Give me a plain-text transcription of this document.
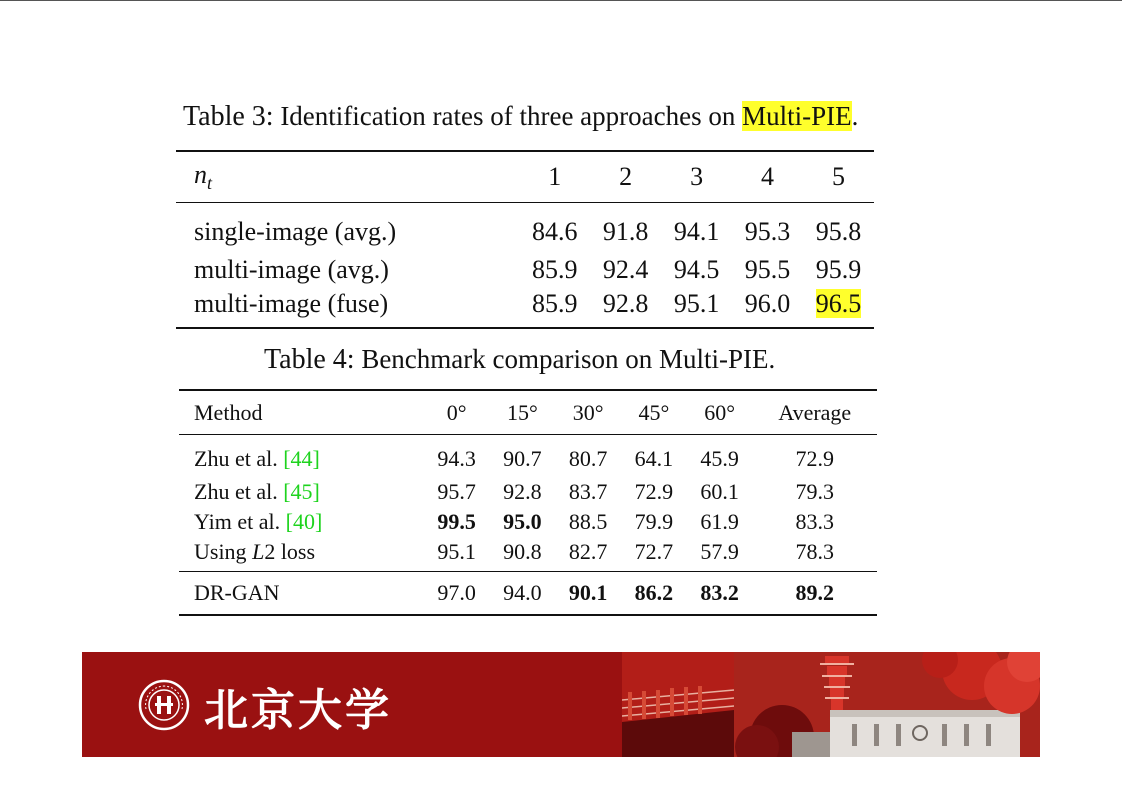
Table 3: Identification rates of three approaches on Multi-PIE.
$n_t$	1	2	3	4	5
single-image (avg.)	84.6	91.8	94.1	95.3	95.8
multi-image (avg.)	85.9	92.4	94.5	95.5	95.9
multi-image (fuse)	85.9	92.8	95.1	96.0	96.5
Table 4: Benchmark comparison on Multi-PIE.
Method	0°	15°	30°	45°	60°	Average
Zhu et al. [44]	94.3	90.7	80.7	64.1	45.9	72.9
Zhu et al. [45]	95.7	92.8	83.7	72.9	60.1	79.3
Yim et al. [40]	99.5	95.0	88.5	79.9	61.9	83.3
Using L2 loss	95.1	90.8	82.7	72.7	57.9	78.3
DR-GAN	97.0	94.0	90.1	86.2	83.2	89.2
北京大学
